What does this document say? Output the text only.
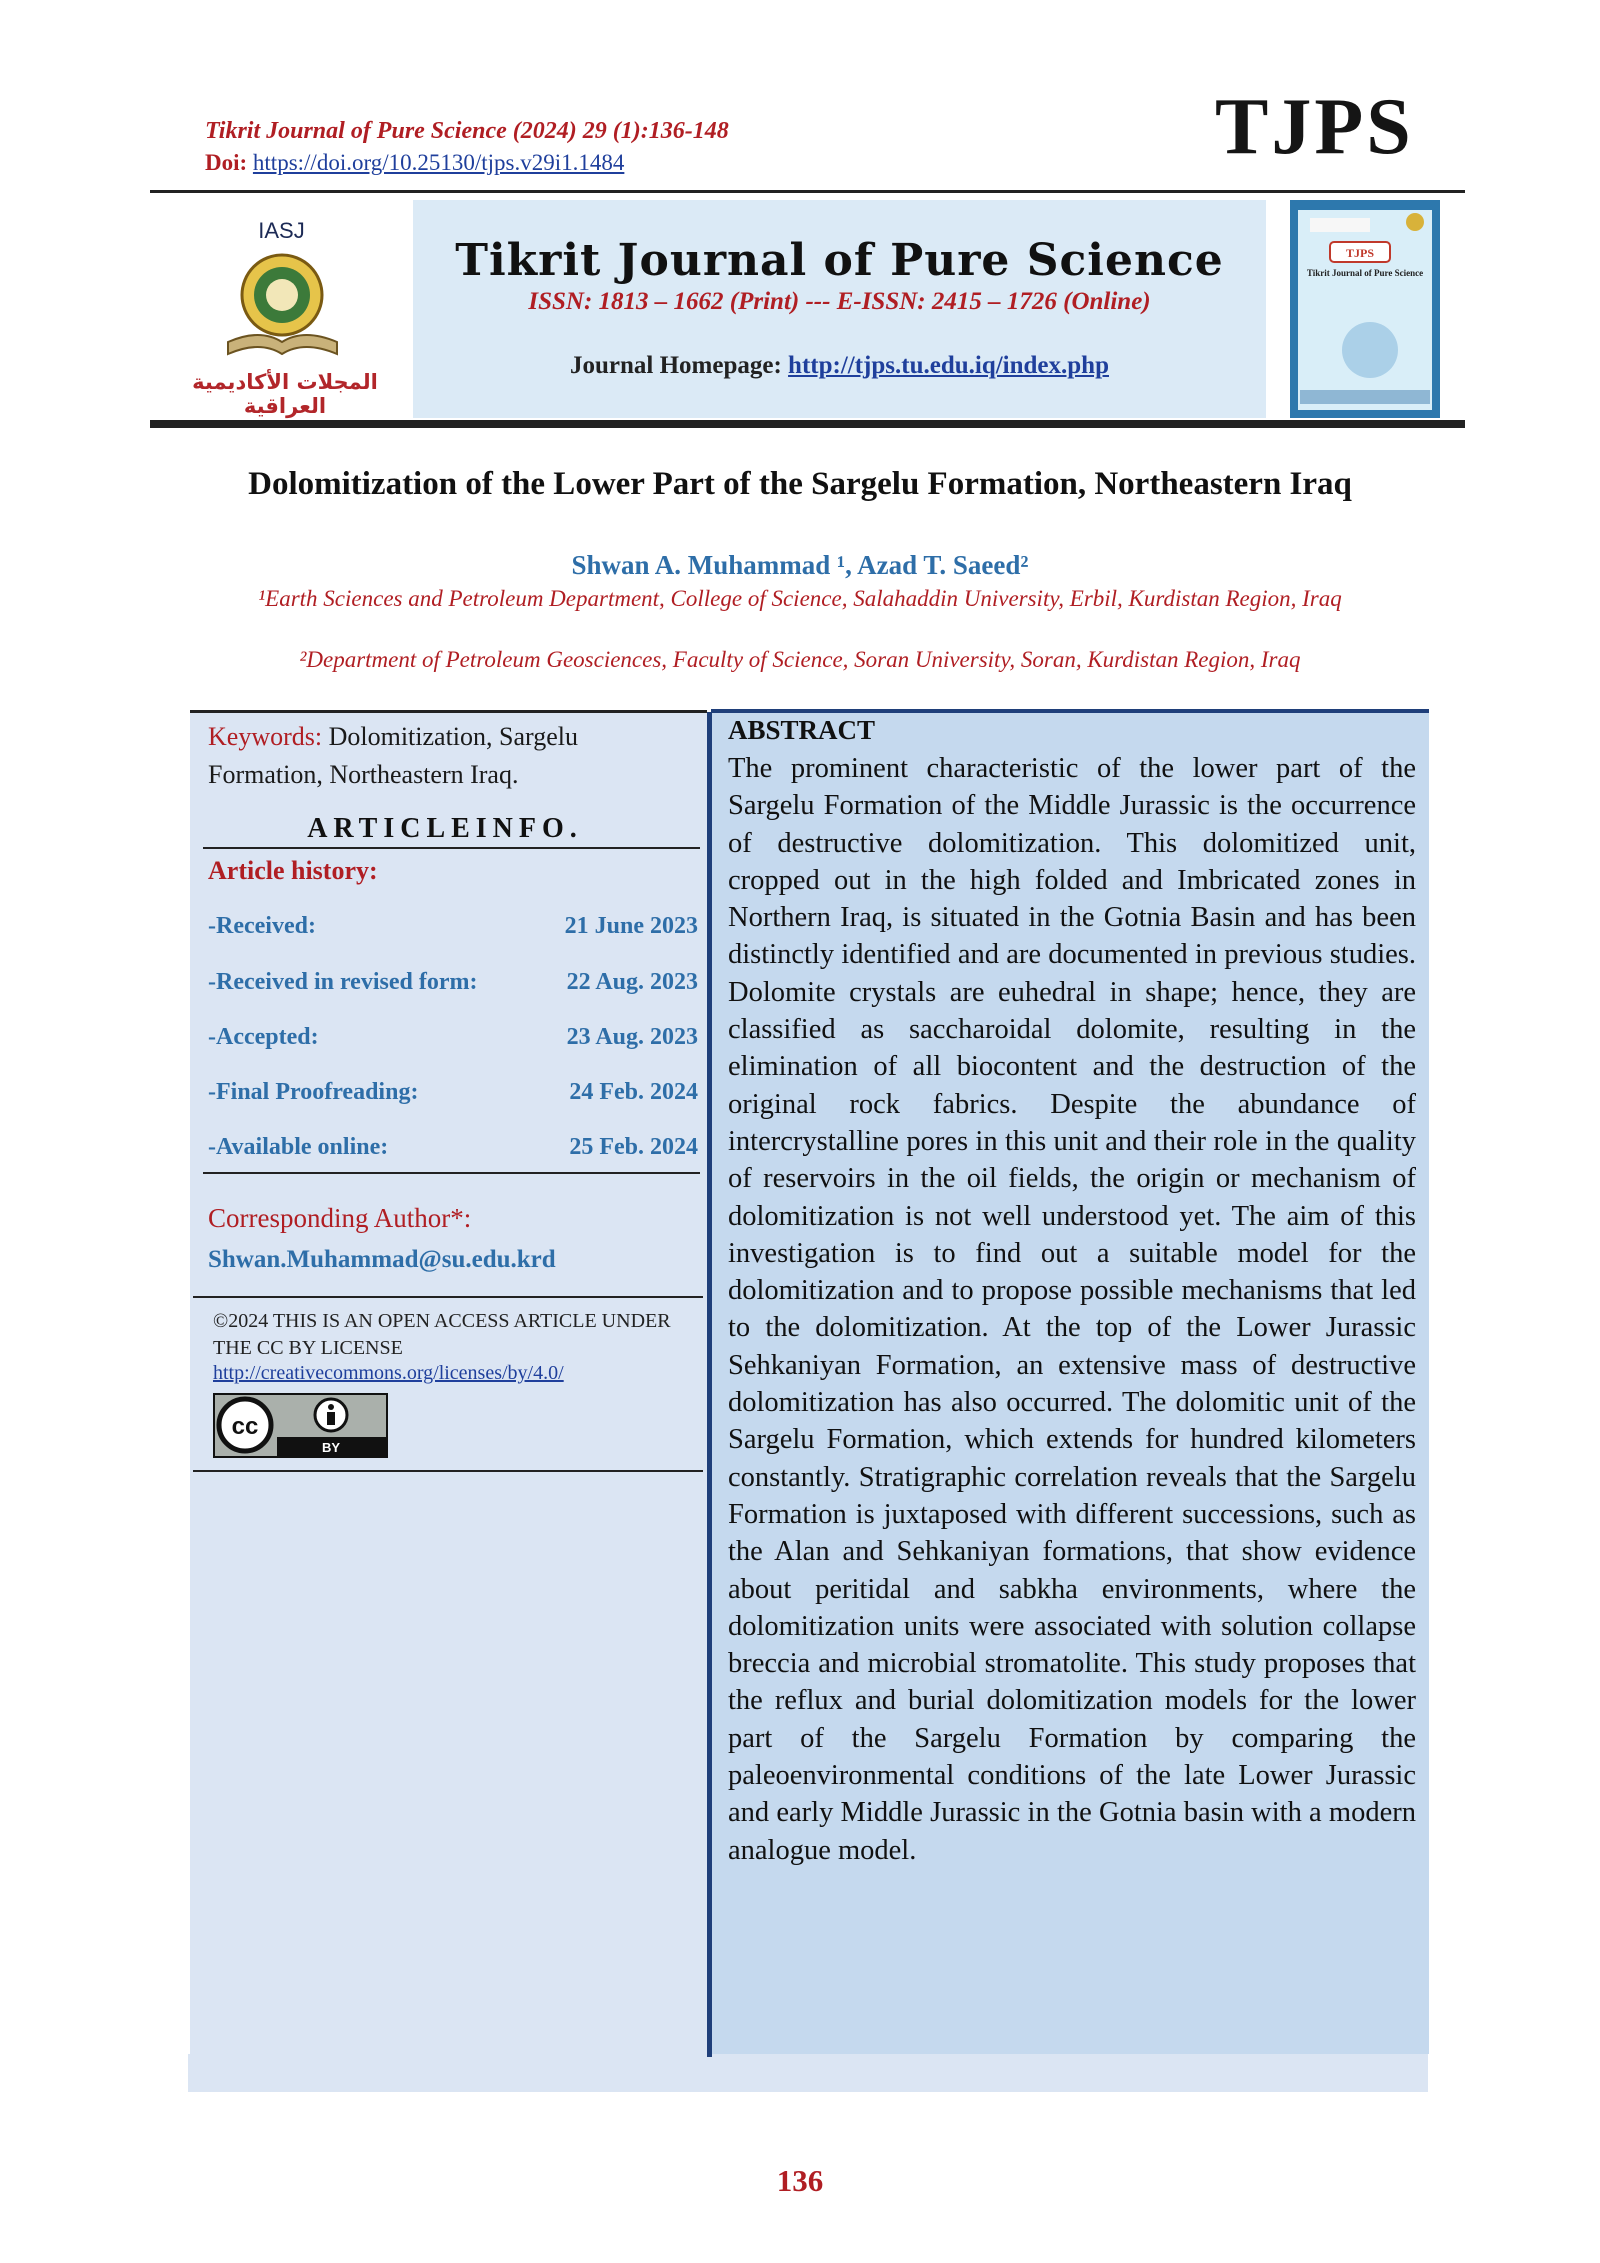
Tikrit Journal of Pure Science (2024) 29 (1):136-148
Doi: https://doi.org/10.25130/tjps.v29i1.1484	TJPS
IASJ
المجلات الأكاديمية العراقية
Tikrit Journal of Pure Science
ISSN: 1813 – 1662 (Print) --- E-ISSN: 2415 – 1726 (Online)
Journal Homepage: http://tjps.tu.edu.iq/index.php
TJPS
Tikrit Journal of Pure Science
Dolomitization of the Lower Part of the Sargelu Formation, Northeastern Iraq
Shwan A. Muhammad ¹, Azad T. Saeed²
¹Earth Sciences and Petroleum Department, College of Science, Salahaddin University, Erbil, Kurdistan Region, Iraq
²Department of Petroleum Geosciences, Faculty of Science, Soran University, Soran, Kurdistan Region, Iraq
Keywords: Dolomitization, Sargelu Formation, Northeastern Iraq.
ARTICLEINFO.
Article history:
-Received:	21 June 2023
-Received in revised form:	22 Aug. 2023
-Accepted:	23 Aug. 2023
-Final Proofreading:	24 Feb. 2024
-Available online:	25 Feb. 2024
Corresponding Author*:
Shwan.Muhammad@su.edu.krd
©2024 THIS IS AN OPEN ACCESS ARTICLE UNDER THE CC BY LICENSE
http://creativecommons.org/licenses/by/4.0/
cc
BY
ABSTRACT
The prominent characteristic of the lower part of the Sargelu Formation of the Middle Jurassic is the occurrence of destructive dolomitization. This dolomitized unit, cropped out in the high folded and Imbricated zones in Northern Iraq, is situated in the Gotnia Basin and has been distinctly identified and are documented in previous studies. Dolomite crystals are euhedral in shape; hence, they are classified as saccharoidal dolomite, resulting in the elimination of all biocontent and the destruction of the original rock fabrics. Despite the abundance of intercrystalline pores in this unit and their role in the quality of reservoirs in the oil fields, the origin or mechanism of dolomitization is not well understood yet. The aim of this investigation is to find out a suitable model for the dolomitization and to propose possible mechanisms that led to the dolomitization. At the top of the Lower Jurassic Sehkaniyan Formation, an extensive mass of destructive dolomitization has also occurred. The dolomitic unit of the Sargelu Formation, which extends for hundred kilometers constantly. Stratigraphic correlation reveals that the Sargelu Formation is juxtaposed with different successions, such as the Alan and Sehkaniyan formations, that show evidence about peritidal and sabkha environments, where the dolomitization units were associated with solution collapse breccia and microbial stromatolite. This study proposes that the reflux and burial dolomitization models for the lower part of the Sargelu Formation by comparing the paleoenvironmental conditions of the late Lower Jurassic and early Middle Jurassic in the Gotnia basin with a modern analogue model.
136
